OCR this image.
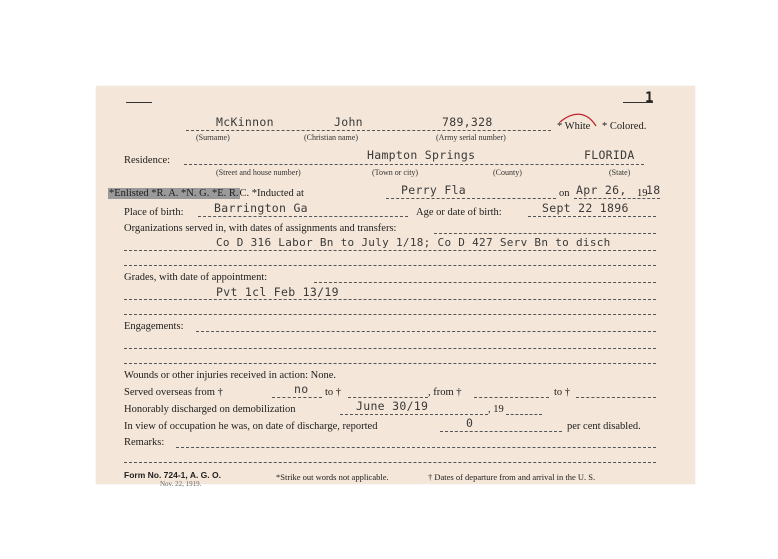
1
McKinnon	John	789,328	* White * Colored.
(Surname)	(Christian name)	(Army serial number)
Residence:	Hampton Springs	FLORIDA
(Street and house number)	(Town or city)	(County)	(State)
*Enlisted *R. A. *N. G. *E. R.C. *Inducted at	Perry Fla	on Apr 26, 19
18
Place of birth:	Barrington Ga	Age or date of birth:	Sept 22 1896
Organizations served in, with dates of assignments and transfers:
Co D 316 Labor Bn to July 1/18; Co D 427 Serv Bn to disch
Grades, with date of appointment:
Pvt 1cl Feb 13/19
Engagements:
Wounds or other injuries received in action: None.
Served overseas from †	no to †	, from †	to †
Honorably discharged on demobilization	June 30/19	, 19
In view of occupation he was, on date of discharge, reported	0	per cent disabled.
Remarks:
Form No. 724-1, A. G. O.
Nov. 22, 1919.
*Strike out words not applicable.	† Dates of departure from and arrival in the U. S.
